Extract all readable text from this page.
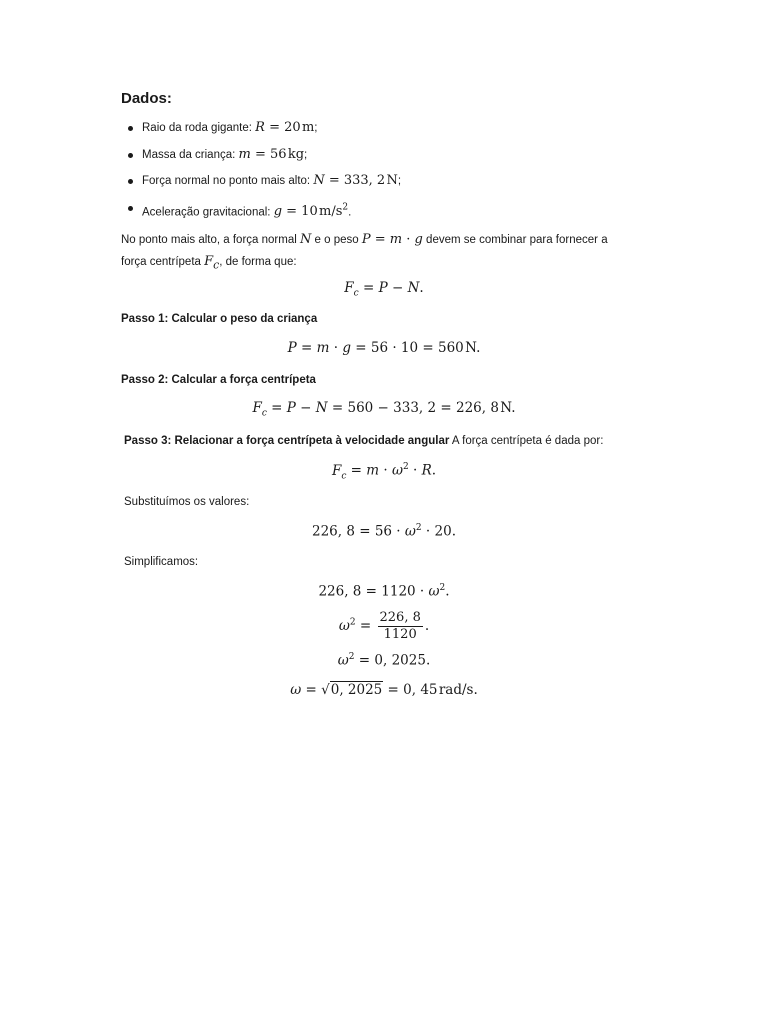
Dados:
Raio da roda gigante: R = 20 m;
Massa da criança: m = 56 kg;
Força normal no ponto mais alto: N = 333, 2 N;
Aceleração gravitacional: g = 10 $m/s^2$.

No ponto mais alto, a força normal N e o peso P = m · g devem se combinar para fornecer a
força centrípeta $F_c$, de forma que:

$F_c = P - N$.

Passo 1: Calcular o peso da criança

P = m · g = 56 · 10 = 560 N.

Passo 2: Calcular a força centrípeta

$F_c = P - N = 560 - 333$, 2 = 226, 8 N.

Passo 3: Relacionar a força centrípeta à velocidade angular A força centrípeta é dada por:

$F_c = m \cdot \omega^2 \cdot R$.

Substituímos os valores:

226, $8 = 56 \cdot \omega^2 \cdot 20$.

Simplificamos:

226, $8 = 1120 \cdot \omega^2$.
$\omega^2 = \frac{226, 8}{1120}$ .
$\omega^2 = 0$, 2025.
ω = √0, 2025 = 0, 45 rad/s.
